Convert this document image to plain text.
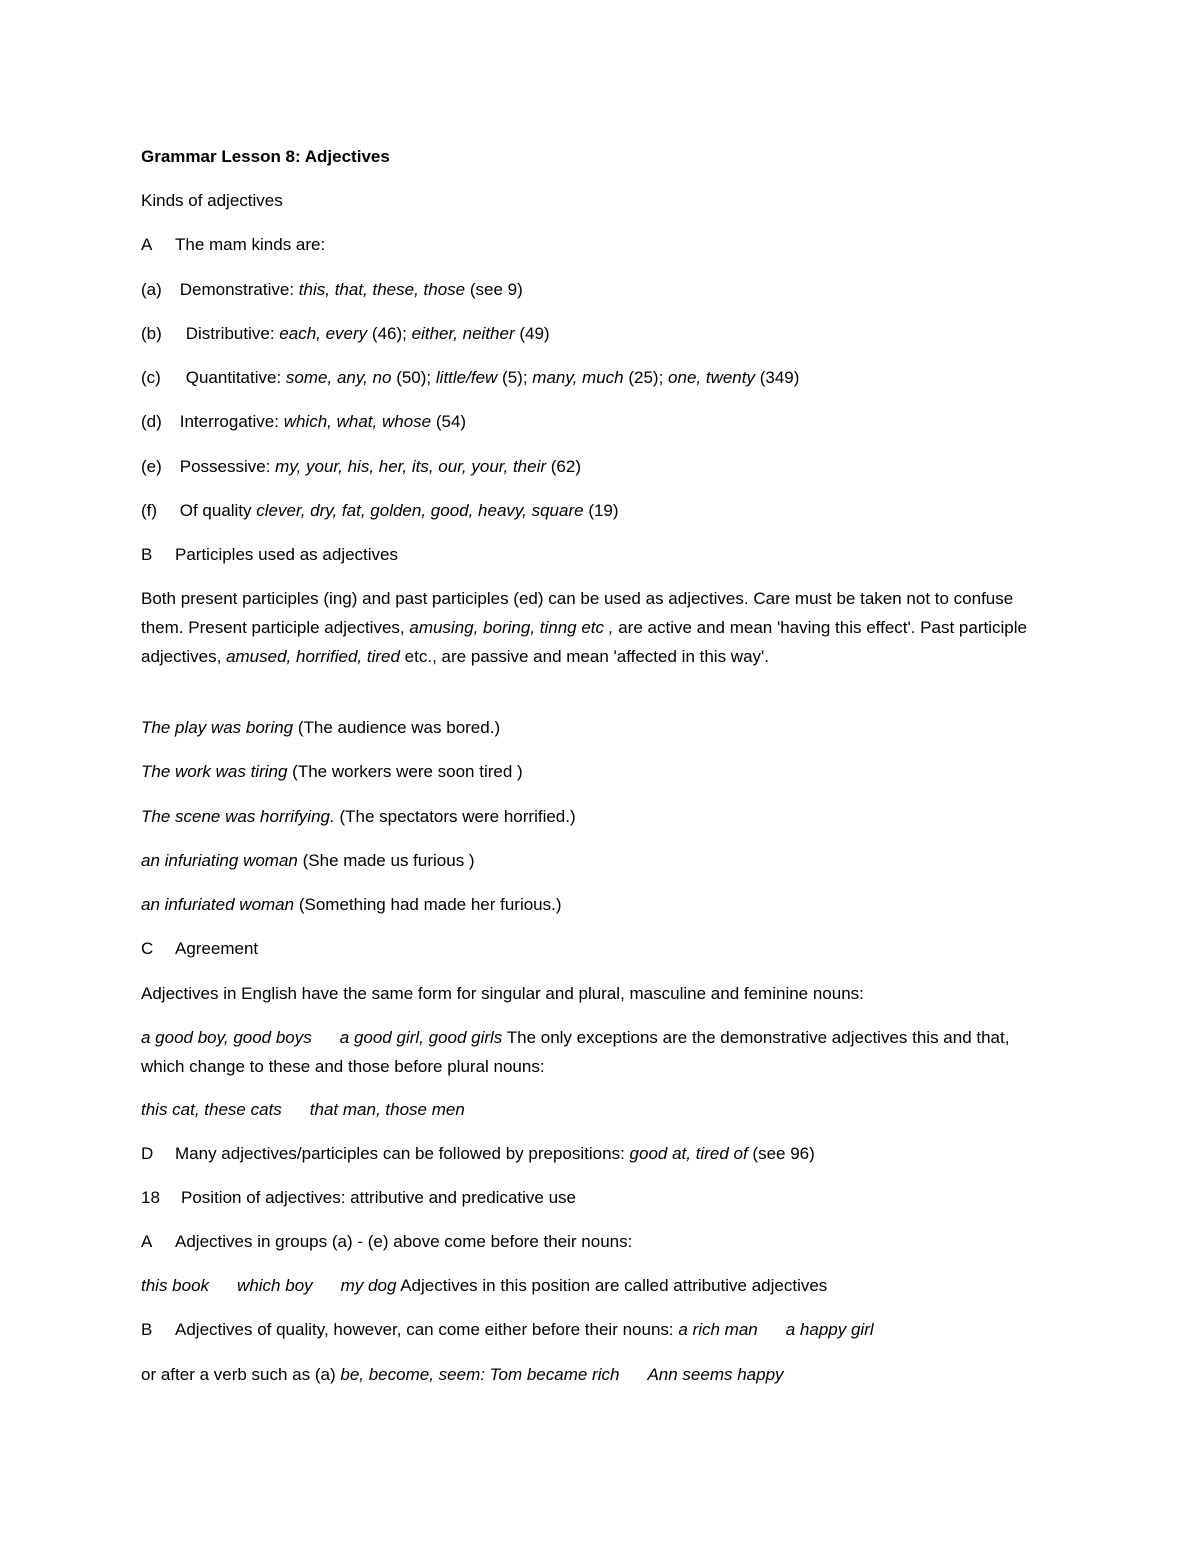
Grammar Lesson 8: Adjectives

Kinds of adjectives

A The mam kinds are:

(a) Demonstrative: this, that, these, those (see 9)

(b) Distributive: each, every (46); either, neither (49)

(c) Quantitative: some, any, no (50); little/few (5); many, much (25); one, twenty (349)

(d) Interrogative: which, what, whose (54)

(e) Possessive: my, your, his, her, its, our, your, their (62)

(f) Of quality clever, dry, fat, golden, good, heavy, square (19)

B Participles used as adjectives

Both present participles (ing) and past participles (ed) can be used as adjectives. Care must be taken not to confuse them. Present participle adjectives, amusing, boring, tinng etc , are active and mean 'having this effect'. Past participle adjectives, amused, horrified, tired etc., are passive and mean 'affected in this way'.

The play was boring (The audience was bored.)

The work was tiring (The workers were soon tired )

The scene was horrifying. (The spectators were horrified.)

an infuriating woman (She made us furious )

an infuriated woman (Something had made her furious.)

C Agreement

Adjectives in English have the same form for singular and plural, masculine and feminine nouns:

a good boy, good boys a good girl, good girls The only exceptions are the demonstrative adjectives this and that, which change to these and those before plural nouns:

this cat, these cats that man, those men

D Many adjectives/participles can be followed by prepositions: good at, tired of (see 96)

18 Position of adjectives: attributive and predicative use

A Adjectives in groups (a) - (e) above come before their nouns:

this book which boy my dog Adjectives in this position are called attributive adjectives

B Adjectives of quality, however, can come either before their nouns: a rich man a happy girl

or after a verb such as (a) be, become, seem: Tom became rich Ann seems happy
